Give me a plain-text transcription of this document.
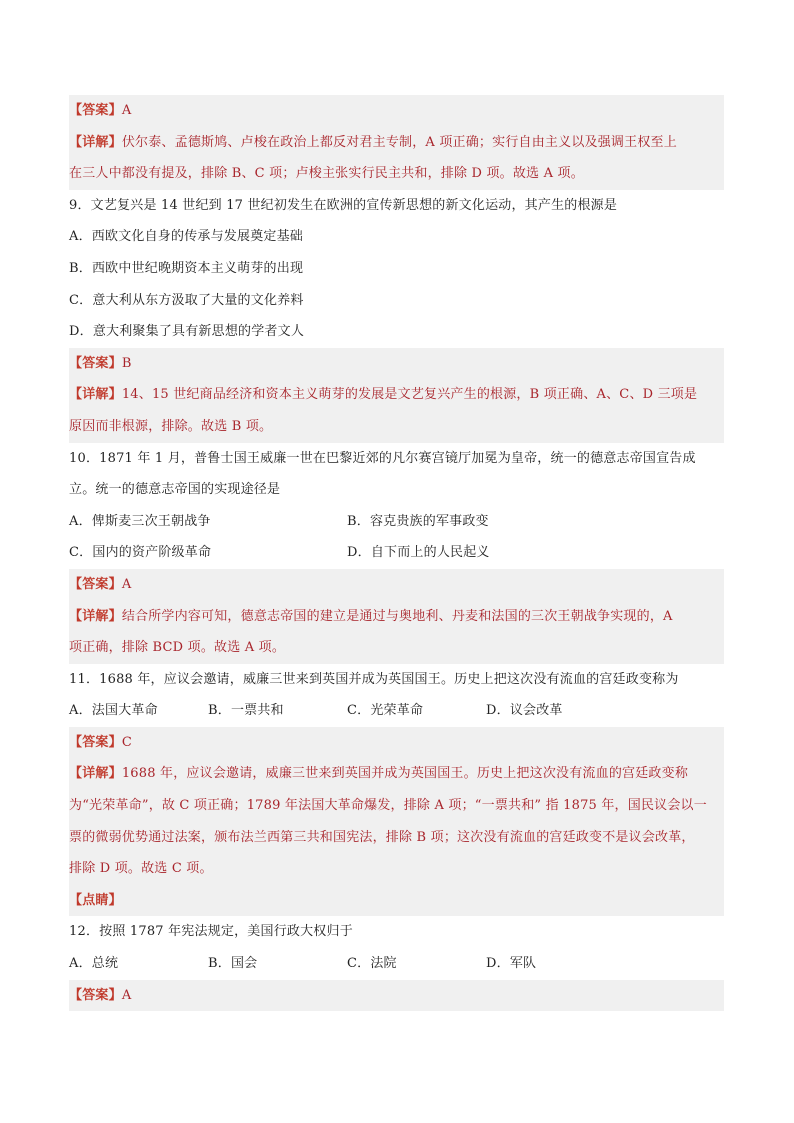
【答案】A
【详解】伏尔泰、孟德斯鸠、卢梭在政治上都反对君主专制，A 项正确；实行自由主义以及强调王权至上
在三人中都没有提及，排除 B、C 项；卢梭主张实行民主共和，排除 D 项。故选 A 项。
9．文艺复兴是 14 世纪到 17 世纪初发生在欧洲的宣传新思想的新文化运动，其产生的根源是
A．西欧文化自身的传承与发展奠定基础
B．西欧中世纪晚期资本主义萌芽的出现
C．意大利从东方汲取了大量的文化养料
D．意大利聚集了具有新思想的学者文人
【答案】B
【详解】14、15 世纪商品经济和资本主义萌芽的发展是文艺复兴产生的根源，B 项正确、A、C、D 三项是
原因而非根源，排除。故选 B 项。
10．1871 年 1 月，普鲁士国王威廉一世在巴黎近郊的凡尔赛宫镜厅加冕为皇帝，统一的德意志帝国宣告成
立。统一的德意志帝国的实现途径是
A．俾斯麦三次王朝战争	B．容克贵族的军事政变
C．国内的资产阶级革命	D．自下而上的人民起义
【答案】A
【详解】结合所学内容可知，德意志帝国的建立是通过与奥地利、丹麦和法国的三次王朝战争实现的，A
项正确，排除 BCD 项。故选 A 项。
11．1688 年，应议会邀请，威廉三世来到英国并成为英国国王。历史上把这次没有流血的宫廷政变称为
A．法国大革命	B．一票共和	C．光荣革命	D．议会改革
【答案】C
【详解】1688 年，应议会邀请，威廉三世来到英国并成为英国国王。历史上把这次没有流血的宫廷政变称
为“光荣革命”，故 C 项正确；1789 年法国大革命爆发，排除 A 项；“一票共和” 指 1875 年，国民议会以一
票的微弱优势通过法案，颁布法兰西第三共和国宪法，排除 B 项；这次没有流血的宫廷政变不是议会改革，
排除 D 项。故选 C 项。
【点睛】
12．按照 1787 年宪法规定，美国行政大权归于
A．总统	B．国会	C．法院	D．军队
【答案】A
